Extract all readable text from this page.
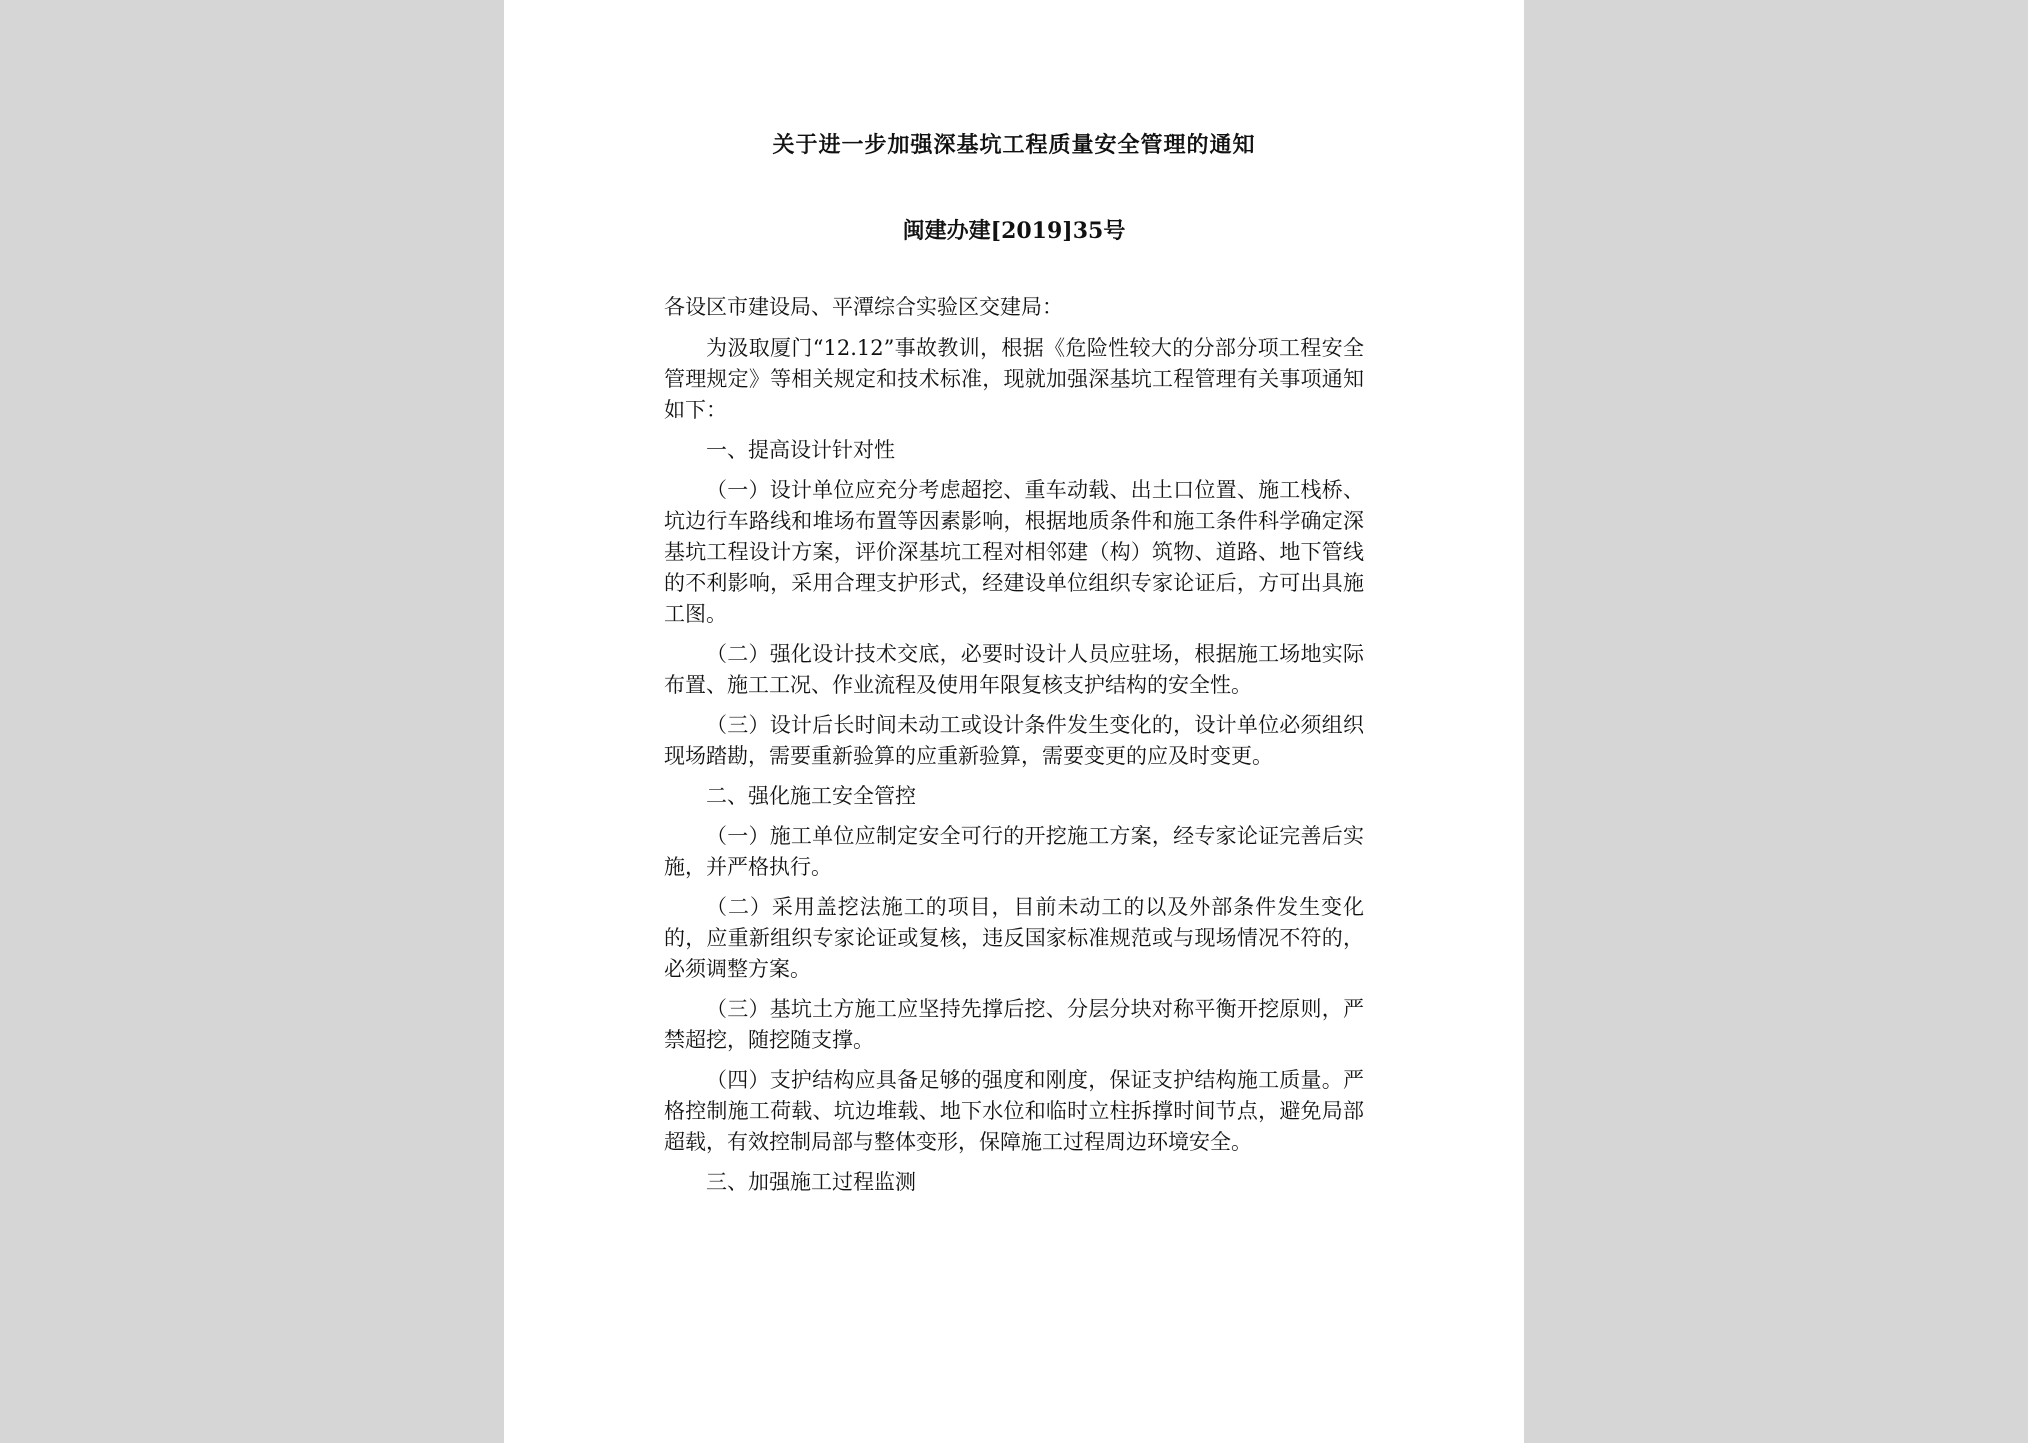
关于进一步加强深基坑工程质量安全管理的通知
闽建办建[2019]35号

各设区市建设局、平潭综合实验区交建局：

为汲取厦门“12.12”事故教训，根据《危险性较大的分部分项工程安全管理规定》等相关规定和技术标准，现就加强深基坑工程管理有关事项通知如下：

一、提高设计针对性

（一）设计单位应充分考虑超挖、重车动载、出土口位置、施工栈桥、坑边行车路线和堆场布置等因素影响，根据地质条件和施工条件科学确定深基坑工程设计方案，评价深基坑工程对相邻建（构）筑物、道路、地下管线的不利影响，采用合理支护形式，经建设单位组织专家论证后，方可出具施工图。

（二）强化设计技术交底，必要时设计人员应驻场，根据施工场地实际布置、施工工况、作业流程及使用年限复核支护结构的安全性。

（三）设计后长时间未动工或设计条件发生变化的，设计单位必须组织现场踏勘，需要重新验算的应重新验算，需要变更的应及时变更。

二、强化施工安全管控

（一）施工单位应制定安全可行的开挖施工方案，经专家论证完善后实施，并严格执行。

（二）采用盖挖法施工的项目，目前未动工的以及外部条件发生变化的，应重新组织专家论证或复核，违反国家标准规范或与现场情况不符的，必须调整方案。

（三）基坑土方施工应坚持先撑后挖、分层分块对称平衡开挖原则，严禁超挖，随挖随支撑。

（四）支护结构应具备足够的强度和刚度，保证支护结构施工质量。严格控制施工荷载、坑边堆载、地下水位和临时立柱拆撑时间节点，避免局部超载，有效控制局部与整体变形，保障施工过程周边环境安全。

三、加强施工过程监测
